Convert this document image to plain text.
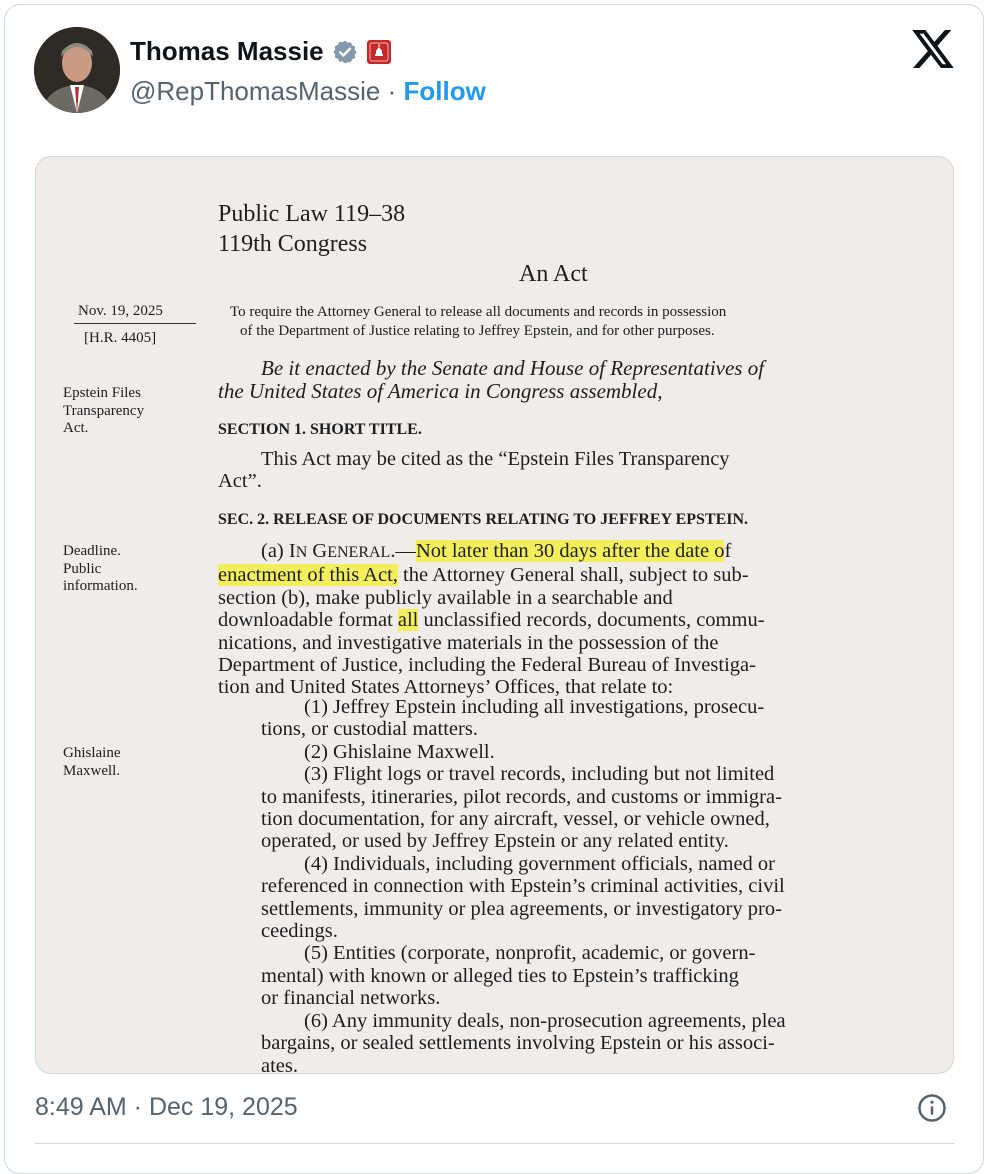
Thomas Massie
@RepThomasMassie · Follow
Public Law 119–38
119th Congress
An Act
Nov. 19, 2025
[H.R. 4405]
To require the Attorney General to release all documents and records in possession
of the Department of Justice relating to Jeffrey Epstein, and for other purposes.
Be it enacted by the Senate and House of Representatives of
the United States of America in Congress assembled,
Epstein Files
Transparency
Act.	SECTION 1. SHORT TITLE.
This Act may be cited as the “Epstein Files Transparency
Act”.
SEC. 2. RELEASE OF DOCUMENTS RELATING TO JEFFREY EPSTEIN.
Deadline.
Public
information.
(a) IN GENERAL.—Not later than 30 days after the date of
enactment of this Act, the Attorney General shall, subject to sub-
section (b), make publicly available in a searchable and
downloadable format all unclassified records, documents, commu-
nications, and investigative materials in the possession of the
Department of Justice, including the Federal Bureau of Investiga-
tion and United States Attorneys’ Offices, that relate to:
Ghislaine
Maxwell.
(1) Jeffrey Epstein including all investigations, prosecu-
tions, or custodial matters.
(2) Ghislaine Maxwell.
(3) Flight logs or travel records, including but not limited
to manifests, itineraries, pilot records, and customs or immigra-
tion documentation, for any aircraft, vessel, or vehicle owned,
operated, or used by Jeffrey Epstein or any related entity.
(4) Individuals, including government officials, named or
referenced in connection with Epstein’s criminal activities, civil
settlements, immunity or plea agreements, or investigatory pro-
ceedings.
(5) Entities (corporate, nonprofit, academic, or govern-
mental) with known or alleged ties to Epstein’s trafficking
or financial networks.
(6) Any immunity deals, non-prosecution agreements, plea
bargains, or sealed settlements involving Epstein or his associ-
ates.
8:49 AM · Dec 19, 2025
